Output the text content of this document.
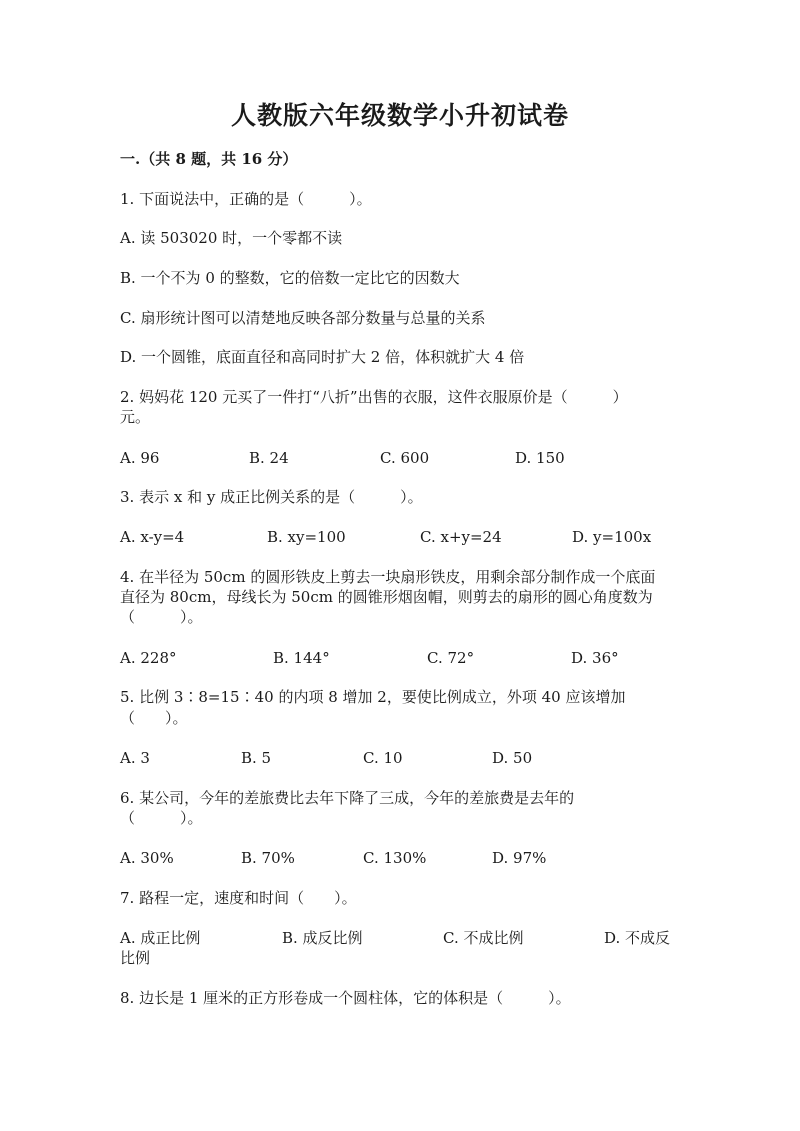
人教版六年级数学小升初试卷
一.（共 8 题，共 16 分）
1. 下面说法中，正确的是（　　　）。
A. 读 503020 时，一个零都不读
B. 一个不为 0 的整数，它的倍数一定比它的因数大
C. 扇形统计图可以清楚地反映各部分数量与总量的关系
D. 一个圆锥，底面直径和高同时扩大 2 倍，体积就扩大 4 倍
2. 妈妈花 120 元买了一件打“八折”出售的衣服，这件衣服原价是（　　　）
元。
A. 96	B. 24	C. 600	D. 150
3. 表示 x 和 y 成正比例关系的是（　　　）。
A. x-y=4	B. xy=100	C. x+y=24	D. y=100x
4. 在半径为 50cm 的圆形铁皮上剪去一块扇形铁皮，用剩余部分制作成一个底面
直径为 80cm，母线长为 50cm 的圆锥形烟囱帽，则剪去的扇形的圆心角度数为
（　　　）。
A. 228°	B. 144°	C. 72°	D. 36°
5. 比例 3∶8=15∶40 的内项 8 增加 2，要使比例成立，外项 40 应该增加
（　　）。
A. 3	B. 5	C. 10	D. 50
6. 某公司，今年的差旅费比去年下降了三成，今年的差旅费是去年的
（　　　）。
A. 30%	B. 70%	C. 130%	D. 97%
7. 路程一定，速度和时间（　　）。
A. 成正比例	B. 成反比例	C. 不成比例	D. 不成反
比例
8. 边长是 1 厘米的正方形卷成一个圆柱体，它的体积是（　　　）。
